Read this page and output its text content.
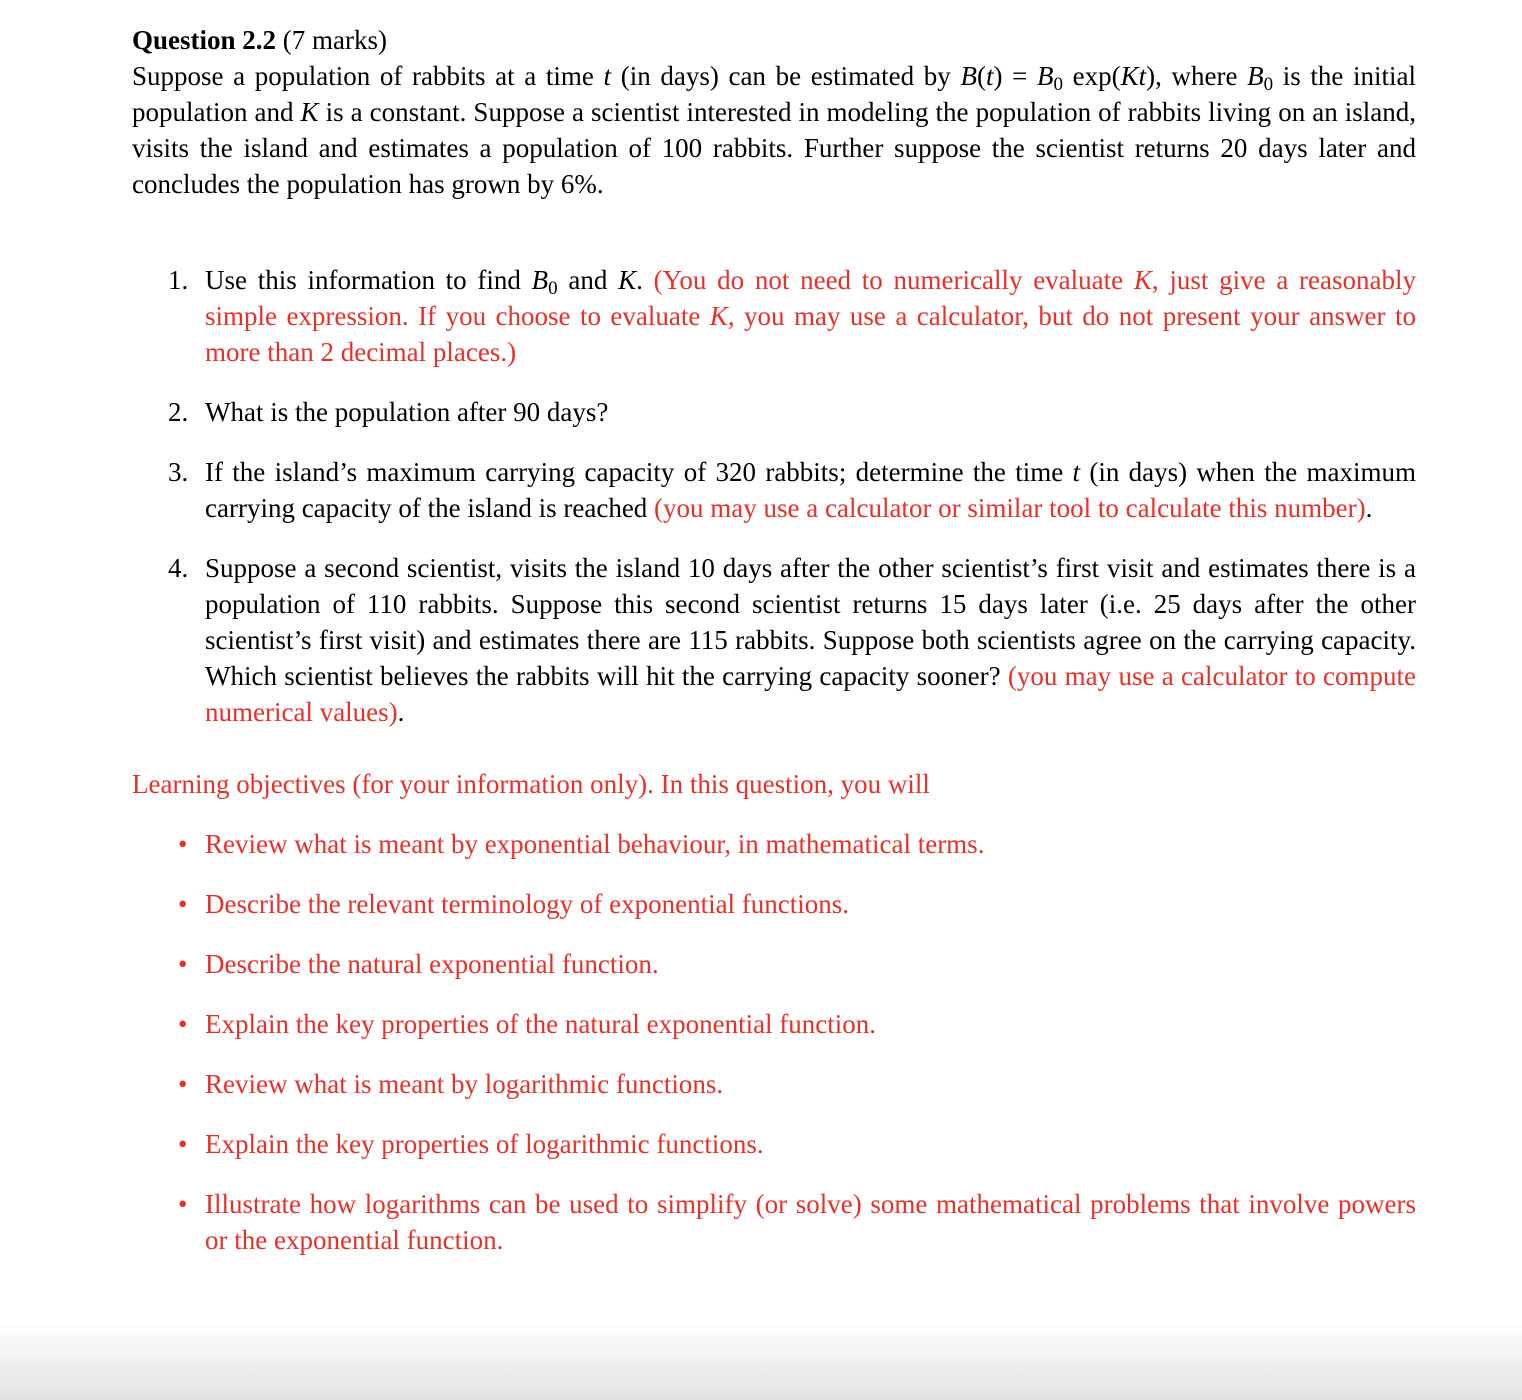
Question 2.2 (7 marks)

Suppose a population of rabbits at a time t (in days) can be estimated by $B(t) = B_0$ exp(Kt), where $B_0$ is the initial population and K is a constant. Suppose a scientist interested in modeling the population of rabbits living on an island, visits the island and estimates a population of 100 rabbits. Further suppose the scientist returns 20 days later and concludes the population has grown by 6%.

1. Use this information to find $B_0$ and K. (You do not need to numerically evaluate K, just give a reasonably simple expression. If you choose to evaluate K, you may use a calculator, but do not present your answer to more than 2 decimal places.)
2. What is the population after 90 days?
3. If the island’s maximum carrying capacity of 320 rabbits; determine the time t (in days) when the maximum carrying capacity of the island is reached (you may use a calculator or similar tool to calculate this number).
4. Suppose a second scientist, visits the island 10 days after the other scientist’s first visit and estimates there is a population of 110 rabbits. Suppose this second scientist returns 15 days later (i.e. 25 days after the other scientist’s first visit) and estimates there are 115 rabbits. Suppose both scientists agree on the carrying capacity. Which scientist believes the rabbits will hit the carrying capacity sooner? (you may use a calculator to compute numerical values).

Learning objectives (for your information only). In this question, you will

• Review what is meant by exponential behaviour, in mathematical terms.
• Describe the relevant terminology of exponential functions.
• Describe the natural exponential function.
• Explain the key properties of the natural exponential function.
• Review what is meant by logarithmic functions.
• Explain the key properties of logarithmic functions.
• Illustrate how logarithms can be used to simplify (or solve) some mathematical problems that involve powers or the exponential function.
